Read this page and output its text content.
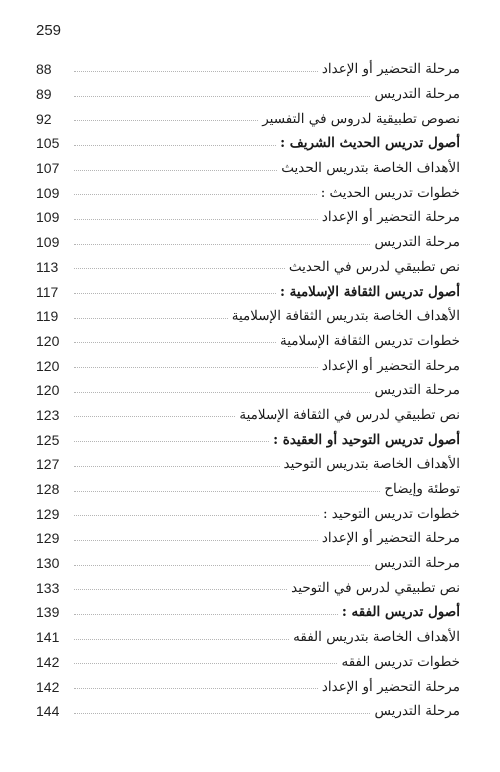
259
88	مرحلة التحضير أو الإعداد
89	مرحلة التدريس
92	نصوص تطبيقية لدروس في التفسير
105	أصول تدريس الحديث الشريف :
107	الأهداف الخاصة بتدريس الحديث
109	خطوات تدريس الحديث :
109	مرحلة التحضير أو الإعداد
109	مرحلة التدريس
113	نص تطبيقي لدرس في الحديث
117	أصول تدريس الثقافة الإسلامية :
119	الأهداف الخاصة بتدريس الثقافة الإسلامية
120	خطوات تدريس الثقافة الإسلامية
120	مرحلة التحضير أو الإعداد
120	مرحلة التدريس
123	نص تطبيقي لدرس في الثقافة الإسلامية
125	أصول تدريس التوحيد أو العقيدة :
127	الأهداف الخاصة بتدريس التوحيد
128	توطئة وإيضاح
129	خطوات تدريس التوحيد :
129	مرحلة التحضير أو الإعداد
130	مرحلة التدريس
133	نص تطبيقي لدرس في التوحيد
139	أصول تدريس الفقه :
141	الأهداف الخاصة بتدريس الفقه
142	خطوات تدريس الفقه
142	مرحلة التحضير أو الإعداد
144	مرحلة التدريس
